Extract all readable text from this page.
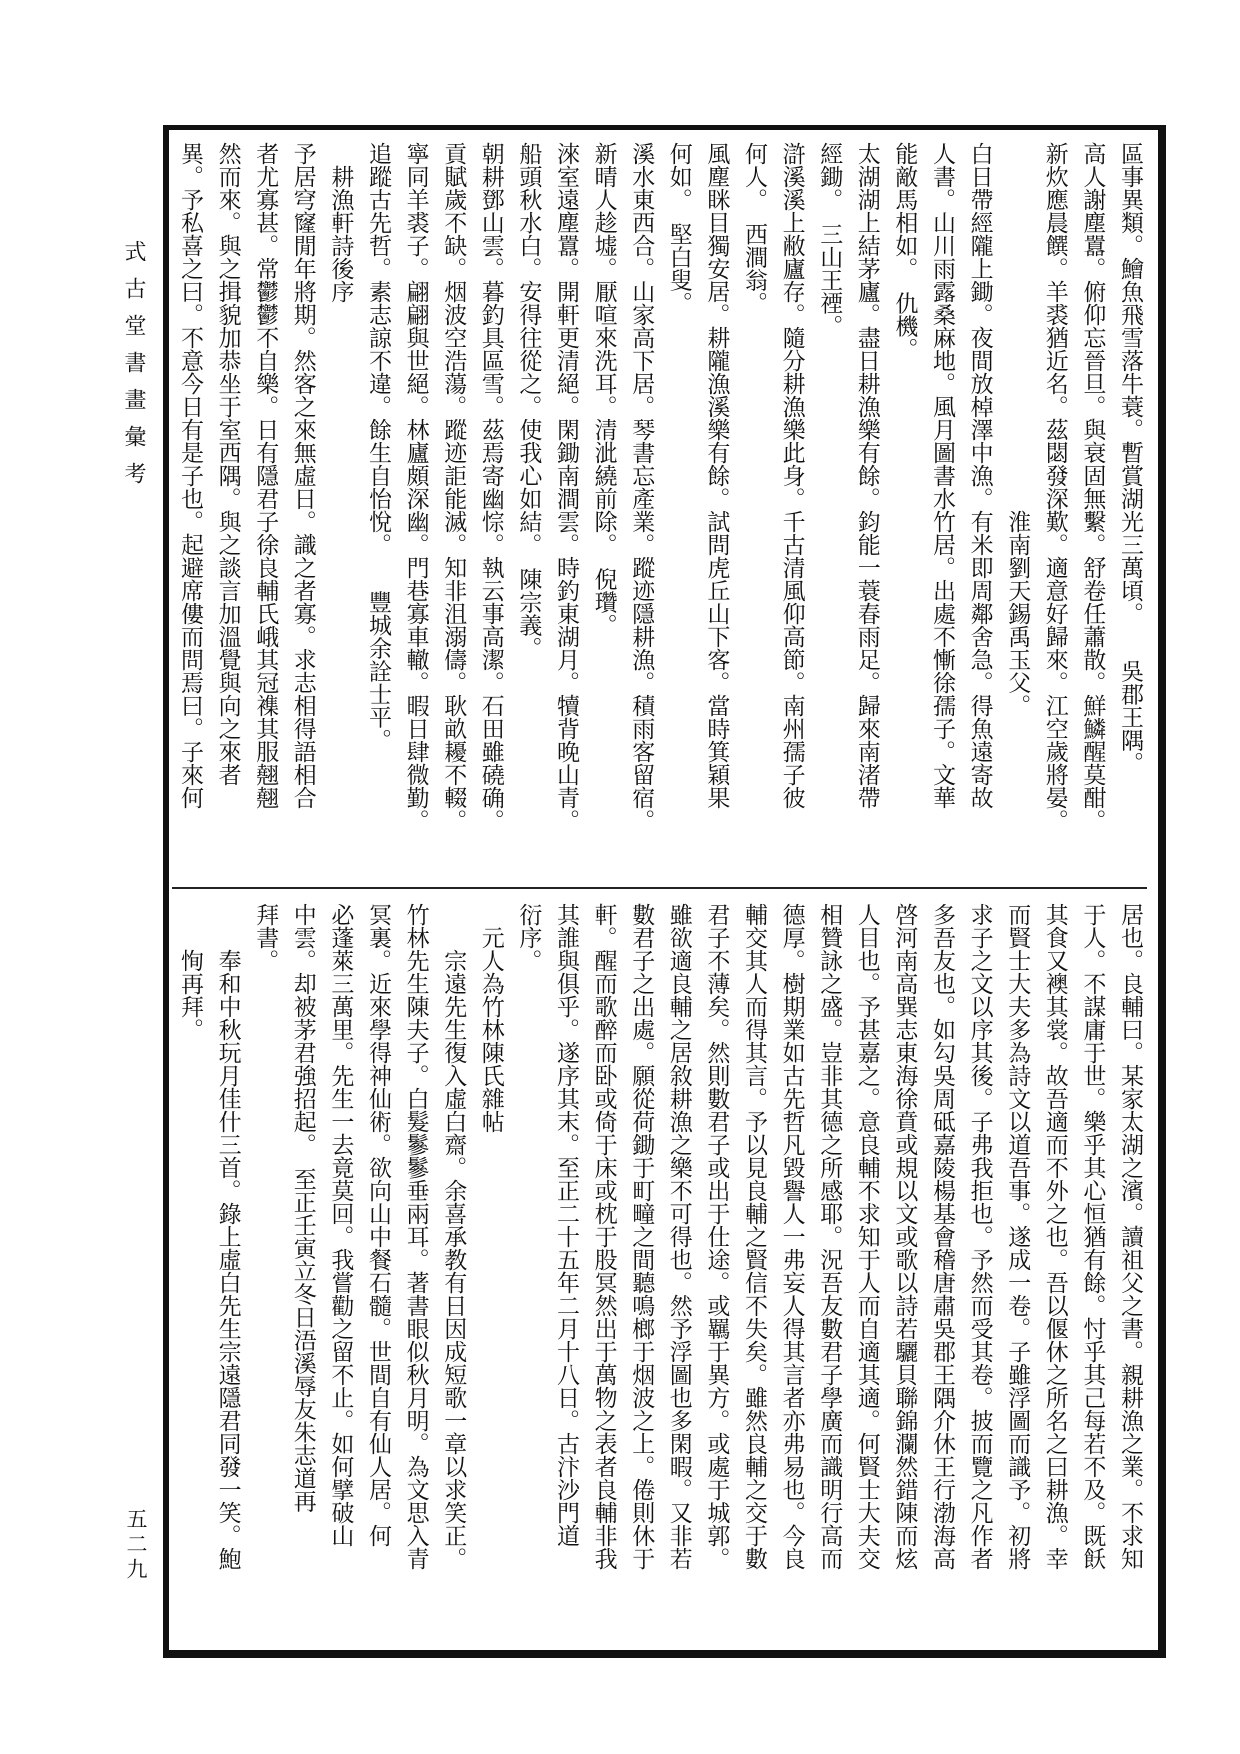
式古堂書畫彙考
五二九
區事異類。鱠魚飛雪落牛蓑。暫賞湖光三萬頃。　　吳郡王隅。
高人謝塵囂。俯仰忘晉旦。與衰固無繫。舒卷任蕭散。鮮鱗醒莫酣。
新炊應晨饌。羊裘猶近名。茲閟發深歎。適意好歸來。江空歲將晏。
　　　　　　　　　　　　　　　　淮南劉天錫禹玉父。
白日帶經隴上鋤。夜間放棹澤中漁。有米即周鄰舍急。得魚遠寄故
人書。山川雨露桑麻地。風月圖書水竹居。出處不慚徐孺子。文華
能敵馬相如。　仇機。
太湖湖上結茅廬。盡日耕漁樂有餘。鈞能一蓑春雨足。歸來南渚帶
經鋤。　三山王禋。
滸溪溪上敝廬存。隨分耕漁樂此身。千古清風仰高節。南州孺子彼
何人。　西澗翁。
風塵眯目獨安居。耕隴漁溪樂有餘。試問虎丘山下客。當時箕穎果
何如。　堅白叟。
溪水東西合。山家高下居。琴書忘產業。蹤迹隱耕漁。積雨客留宿。
新晴人趁墟。厭喧來洗耳。清泚繞前除。　倪瓚。
淶室遠塵囂。開軒更清絕。閑鋤南澗雲。時釣東湖月。犢背晚山青。
船頭秋水白。安得往從之。使我心如結。　陳宗義。
朝耕鄧山雲。暮釣具區雪。茲焉寄幽悰。執云事高潔。石田雖磽确。
貢賦歲不缺。烟波空浩蕩。蹤迹詎能滅。知非沮溺儔。耿畝耰不輟。
寧同羊裘子。翩翩與世絕。林廬頗深幽。門巷寡車轍。暇日肆微勤。
追蹤古先哲。素志諒不違。餘生自怡悅。　　豐城余詮士平。
　耕漁軒詩後序
予居穹窿閒年將期。然客之來無虛日。識之者寡。求志相得語相合
者尤寡甚。常鬱鬱不自樂。日有隱君子徐良輔氏峨其冠襍其服翹翹
然而來。與之揖貌加恭坐于室西隅。與之談言加溫覺與向之來者
異。予私喜之曰。不意今日有是子也。起避席僂而問焉曰。子來何
居也。良輔曰。某家太湖之濱。讀祖父之書。親耕漁之業。不求知
于人。不謀庸于世。樂乎其心恒猶有餘。忖乎其己每若不及。既飫
其食又襖其裳。故吾適而不外之也。吾以偃休之所名之曰耕漁。幸
而賢士大夫多為詩文以道吾事。遂成一卷。子雖浮圖而識予。初將
求子之文以序其後。子弗我拒也。予然而受其卷。披而覽之凡作者
多吾友也。如勾吳周砥嘉陵楊基會稽唐肅吳郡王隅介休王行渤海高
啓河南高巽志東海徐賁或規以文或歌以詩若驪貝聯錦瀾然錯陳而炫
人目也。予甚嘉之。意良輔不求知于人而自適其適。何賢士大夫交
相贊詠之盛。豈非其德之所感耶。況吾友數君子學廣而識明行高而
德厚。樹期業如古先哲凡毀譽人一弗妄人得其言者亦弗易也。今良
輔交其人而得其言。予以見良輔之賢信不失矣。雖然良輔之交于數
君子不薄矣。然則數君子或出于仕途。或羈于異方。或處于城郭。
雖欲適良輔之居敘耕漁之樂不可得也。然予浮圖也多閑暇。又非若
數君子之出處。願從荷鋤于町疃之間聽鳴榔于烟波之上。倦則休于
軒。醒而歌醉而卧或倚于床或枕于股冥然出于萬物之表者良輔非我
其誰與俱乎。遂序其末。至正二十五年二月十八日。古汴沙門道
衍序。
　元人為竹林陳氏雜帖
　　宗遠先生復入虛白齋。余喜承教有日因成短歌一章以求笑正。
竹林先生陳夫子。白髮鬖鬖垂兩耳。著書眼似秋月明。為文思入青
冥裏。近來學得神仙術。欲向山中餐石髓。世間自有仙人居。何
必蓬萊三萬里。先生一去竟莫回。我嘗勸之留不止。如何擘破山
中雲。却被茅君強招起。　至正壬寅立冬日浯溪辱友朱志道再
拜書。
　　奉和中秋玩月佳什三首。錄上虛白先生宗遠隱君同發一笑。鮑
　　恂再拜。
